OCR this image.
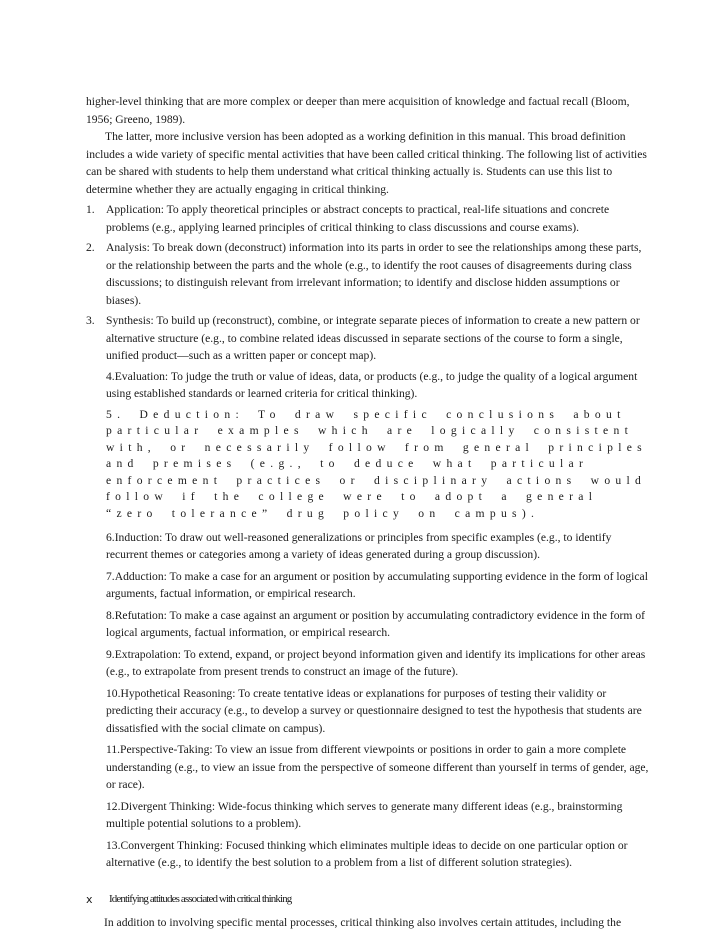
higher-level thinking that are more complex or deeper than mere acquisition of knowledge and factual recall (Bloom, 1956; Greeno, 1989).

The latter, more inclusive version has been adopted as a working definition in this manual. This broad definition includes a wide variety of specific mental activities that have been called critical thinking. The following list of activities can be shared with students to help them understand what critical thinking actually is. Students can use this list to determine whether they are actually engaging in critical thinking.

1. Application: To apply theoretical principles or abstract concepts to practical, real-life situations and concrete problems (e.g., applying learned principles of critical thinking to class discussions and course exams).
2. Analysis: To break down (deconstruct) information into its parts in order to see the relationships among these parts, or the relationship between the parts and the whole (e.g., to identify the root causes of disagreements during class discussions; to distinguish relevant from irrelevant information; to identify and disclose hidden assumptions or biases).
3. Synthesis: To build up (reconstruct), combine, or integrate separate pieces of information to create a new pattern or alternative structure (e.g., to combine related ideas discussed in separate sections of the course to form a single, unified product—such as a written paper or concept map).

4.Evaluation: To judge the truth or value of ideas, data, or products (e.g., to judge the quality of a logical argument using established standards or learned criteria for critical thinking).

5. Deduction: To draw specific conclusions about particular examples which are logically consistent with, or necessarily follow from general principles and premises (e.g., to deduce what particular enforcement practices or disciplinary actions would follow if the college were to adopt a general “zero tolerance” drug policy on campus).

6.Induction: To draw out well-reasoned generalizations or principles from specific examples (e.g., to identify recurrent themes or categories among a variety of ideas generated during a group discussion).

7.Adduction: To make a case for an argument or position by accumulating supporting evidence in the form of logical arguments, factual information, or empirical research.

8.Refutation: To make a case against an argument or position by accumulating contradictory evidence in the form of logical arguments, factual information, or empirical research.

9.Extrapolation: To extend, expand, or project beyond information given and identify its implications for other areas (e.g., to extrapolate from present trends to construct an image of the future).

10.Hypothetical Reasoning: To create tentative ideas or explanations for purposes of testing their validity or predicting their accuracy (e.g., to develop a survey or questionnaire designed to test the hypothesis that students are dissatisfied with the social climate on campus).

11.Perspective-Taking: To view an issue from different viewpoints or positions in order to gain a more complete understanding (e.g., to view an issue from the perspective of someone different than yourself in terms of gender, age, or race).

12.Divergent Thinking: Wide-focus thinking which serves to generate many different ideas (e.g., brainstorming multiple potential solutions to a problem).

13.Convergent Thinking: Focused thinking which eliminates multiple ideas to decide on one particular option or alternative (e.g., to identify the best solution to a problem from a list of different solution strategies).

x Identifying attitudes associated with critical thinking

In addition to involving specific mental processes, critical thinking also involves certain attitudes, including the
